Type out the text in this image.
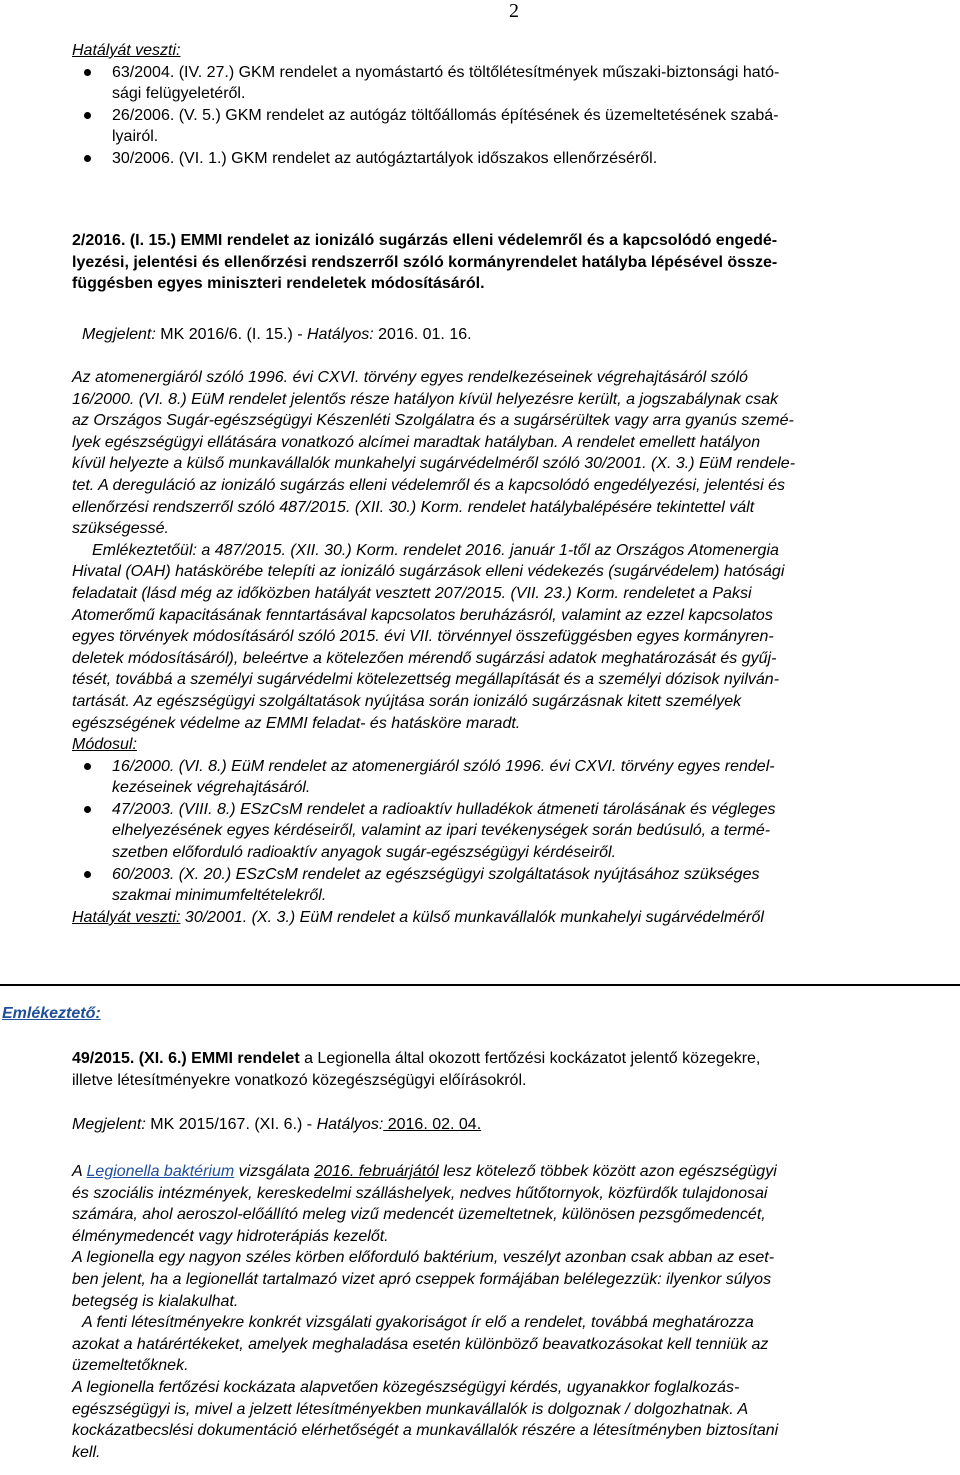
2
Hatályát veszti:
63/2004. (IV. 27.) GKM rendelet a nyomástartó és töltőlétesítmények műszaki-biztonsági ható-
sági felügyeletéről.
26/2006. (V. 5.) GKM rendelet az autógáz töltőállomás építésének és üzemeltetésének szabá-
lyairól.
30/2006. (VI. 1.) GKM rendelet az autógáztartályok időszakos ellenőrzéséről.
2/2016. (I. 15.) EMMI rendelet az ionizáló sugárzás elleni védelemről és a kapcsolódó engedé-
lyezési, jelentési és ellenőrzési rendszerről szóló kormányrendelet hatályba lépésével össze-
függésben egyes miniszteri rendeletek módosításáról.
Megjelent: MK 2016/6. (I. 15.) - Hatályos: 2016. 01. 16.
Az atomenergiáról szóló 1996. évi CXVI. törvény egyes rendelkezéseinek végrehajtásáról szóló
16/2000. (VI. 8.) EüM rendelet jelentős része hatályon kívül helyezésre került, a jogszabálynak csak
az Országos Sugár-egészségügyi Készenléti Szolgálatra és a sugársérültek vagy arra gyanús szemé-
lyek egészségügyi ellátására vonatkozó alcímei maradtak hatályban. A rendelet emellett hatályon
kívül helyezte a külső munkavállalók munkahelyi sugárvédelméről szóló 30/2001. (X. 3.) EüM rendele-
tet. A dereguláció az ionizáló sugárzás elleni védelemről és a kapcsolódó engedélyezési, jelentési és
ellenőrzési rendszerről szóló 487/2015. (XII. 30.) Korm. rendelet hatálybalépésére tekintettel vált
szükségessé.
Emlékeztetőül: a 487/2015. (XII. 30.) Korm. rendelet 2016. január 1-től az Országos Atomenergia
Hivatal (OAH) hatáskörébe telepíti az ionizáló sugárzások elleni védekezés (sugárvédelem) hatósági
feladatait (lásd még az időközben hatályát vesztett 207/2015. (VII. 23.) Korm. rendeletet a Paksi
Atomerőmű kapacitásának fenntartásával kapcsolatos beruházásról, valamint az ezzel kapcsolatos
egyes törvények módosításáról szóló 2015. évi VII. törvénnyel összefüggésben egyes kormányren-
deletek módosításáról), beleértve a kötelezően mérendő sugárzási adatok meghatározását és gyűj-
tését, továbbá a személyi sugárvédelmi kötelezettség megállapítását és a személyi dózisok nyilván-
tartását. Az egészségügyi szolgáltatások nyújtása során ionizáló sugárzásnak kitett személyek
egészségének védelme az EMMI feladat- és hatásköre maradt.
Módosul:
16/2000. (VI. 8.) EüM rendelet az atomenergiáról szóló 1996. évi CXVI. törvény egyes rendel-
kezéseinek végrehajtásáról.
47/2003. (VIII. 8.) ESzCsM rendelet a radioaktív hulladékok átmeneti tárolásának és végleges
elhelyezésének egyes kérdéseiről, valamint az ipari tevékenységek során bedúsuló, a termé-
szetben előforduló radioaktív anyagok sugár-egészségügyi kérdéseiről.
60/2003. (X. 20.) ESzCsM rendelet az egészségügyi szolgáltatások nyújtásához szükséges
szakmai minimumfeltételekről.
Hatályát veszti: 30/2001. (X. 3.) EüM rendelet a külső munkavállalók munkahelyi sugárvédelméről
Emlékeztető:
49/2015. (XI. 6.) EMMI rendelet a Legionella által okozott fertőzési kockázatot jelentő közegekre,
illetve létesítményekre vonatkozó közegészségügyi előírásokról.
Megjelent: MK 2015/167. (XI. 6.) - Hatályos: 2016. 02. 04.
A Legionella baktérium vizsgálata 2016. februárjától lesz kötelező többek között azon egészségügyi
és szociális intézmények, kereskedelmi szálláshelyek, nedves hűtőtornyok, közfürdők tulajdonosai
számára, ahol aeroszol-előállító meleg vizű medencét üzemeltetnek, különösen pezsgőmedencét,
élménymedencét vagy hidroterápiás kezelőt.
A legionella egy nagyon széles körben előforduló baktérium, veszélyt azonban csak abban az eset-
ben jelent, ha a legionellát tartalmazó vizet apró cseppek formájában belélegezzük: ilyenkor súlyos
betegség is kialakulhat.
A fenti létesítményekre konkrét vizsgálati gyakoriságot ír elő a rendelet, továbbá meghatározza
azokat a határértékeket, amelyek meghaladása esetén különböző beavatkozásokat kell tenniük az
üzemeltetőknek.
A legionella fertőzési kockázata alapvetően közegészségügyi kérdés, ugyanakkor foglalkozás-
egészségügyi is, mivel a jelzett létesítményekben munkavállalók is dolgoznak / dolgozhatnak. A
kockázatbecslési dokumentáció elérhetőségét a munkavállalók részére a létesítményben biztosítani
kell.
